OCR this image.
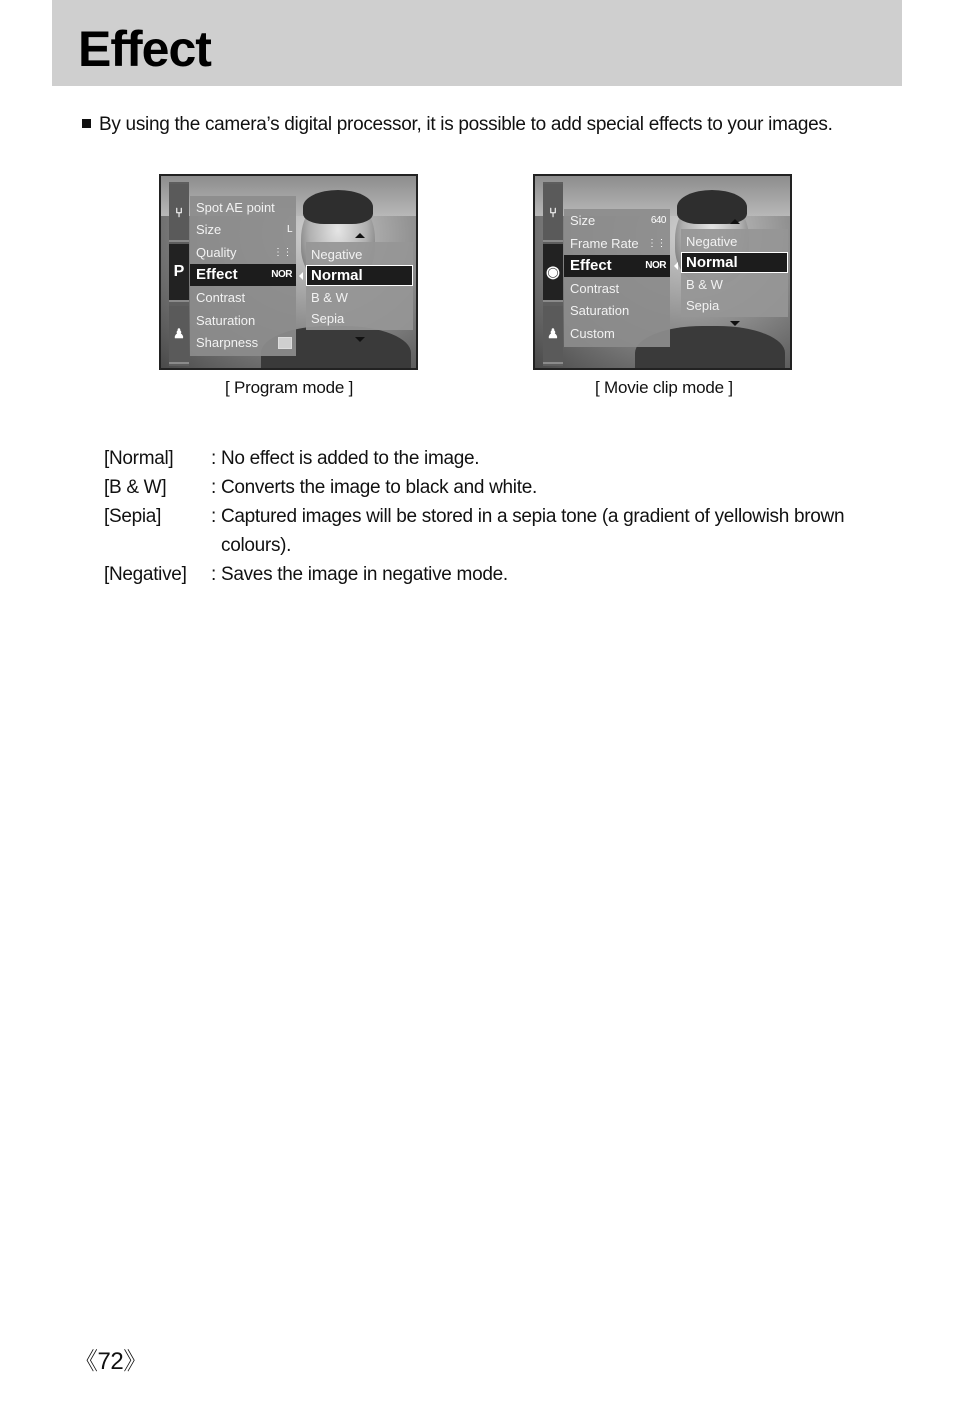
Effect
By using the camera’s digital processor, it is possible to add special effects to your images.
⑂
P
♟
Spot AE point
Size	L
Quality	⋮⋮
Effect	NOR
Contrast
Saturation
Sharpness
Negative
Normal
B & W
Sepia
[ Program mode ]
⑂
◉
♟
Size	640
Frame Rate ⋮⋮
Effect	NOR
Contrast
Saturation
Custom
Negative
Normal
B & W
Sepia
[ Movie clip mode ]
[Normal] : No effect is added to the image.
[B & W] : Converts the image to black and white.
[Sepia]	: Captured images will be stored in a sepia tone (a gradient of yellowish brown
colours).
[Negative] : Saves the image in negative mode.
《72》
